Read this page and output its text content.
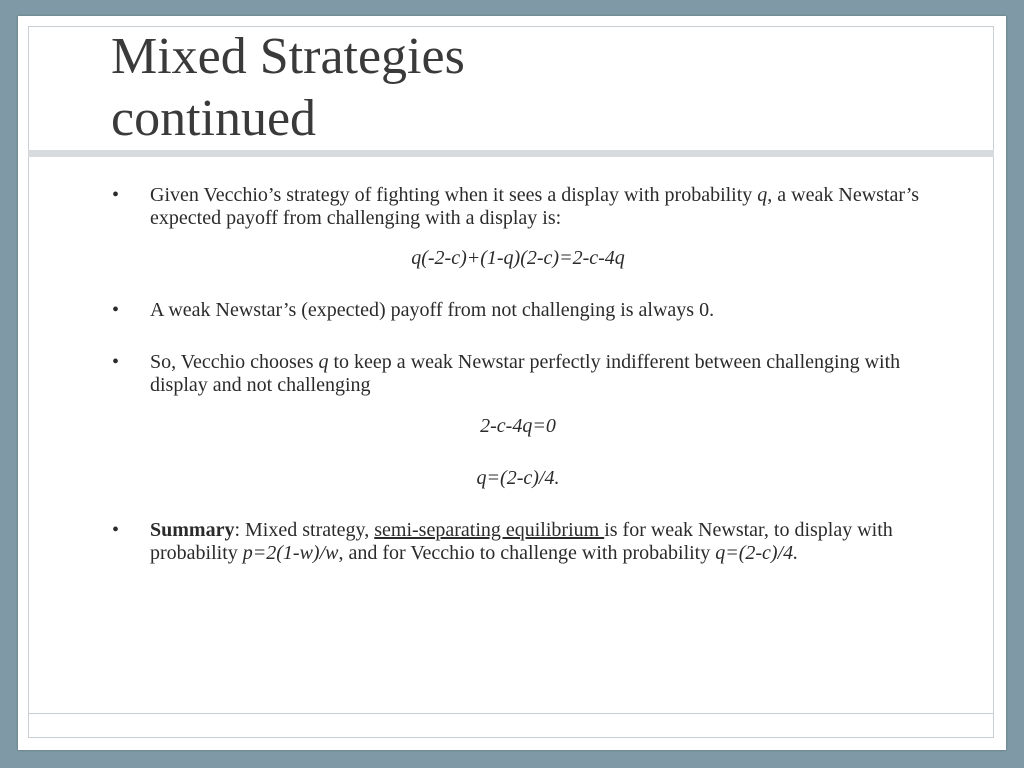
Mixed Strategies
continued
•	Given Vecchio’s strategy of fighting when it sees a display with probability q, a weak Newstar’s expected payoff from challenging with a display is:
q(-2-c)+(1-q)(2-c)=2-c-4q
•	A weak Newstar’s (expected) payoff from not challenging is always 0.
•	So, Vecchio chooses q to keep a weak Newstar perfectly indifferent between challenging with display and not challenging
2-c-4q=0
q=(2-c)/4.
•	Summary: Mixed strategy, semi-separating equilibrium is for weak Newstar, to display with probability p=2(1-w)/w, and for Vecchio to challenge with probability q=(2-c)/4.
